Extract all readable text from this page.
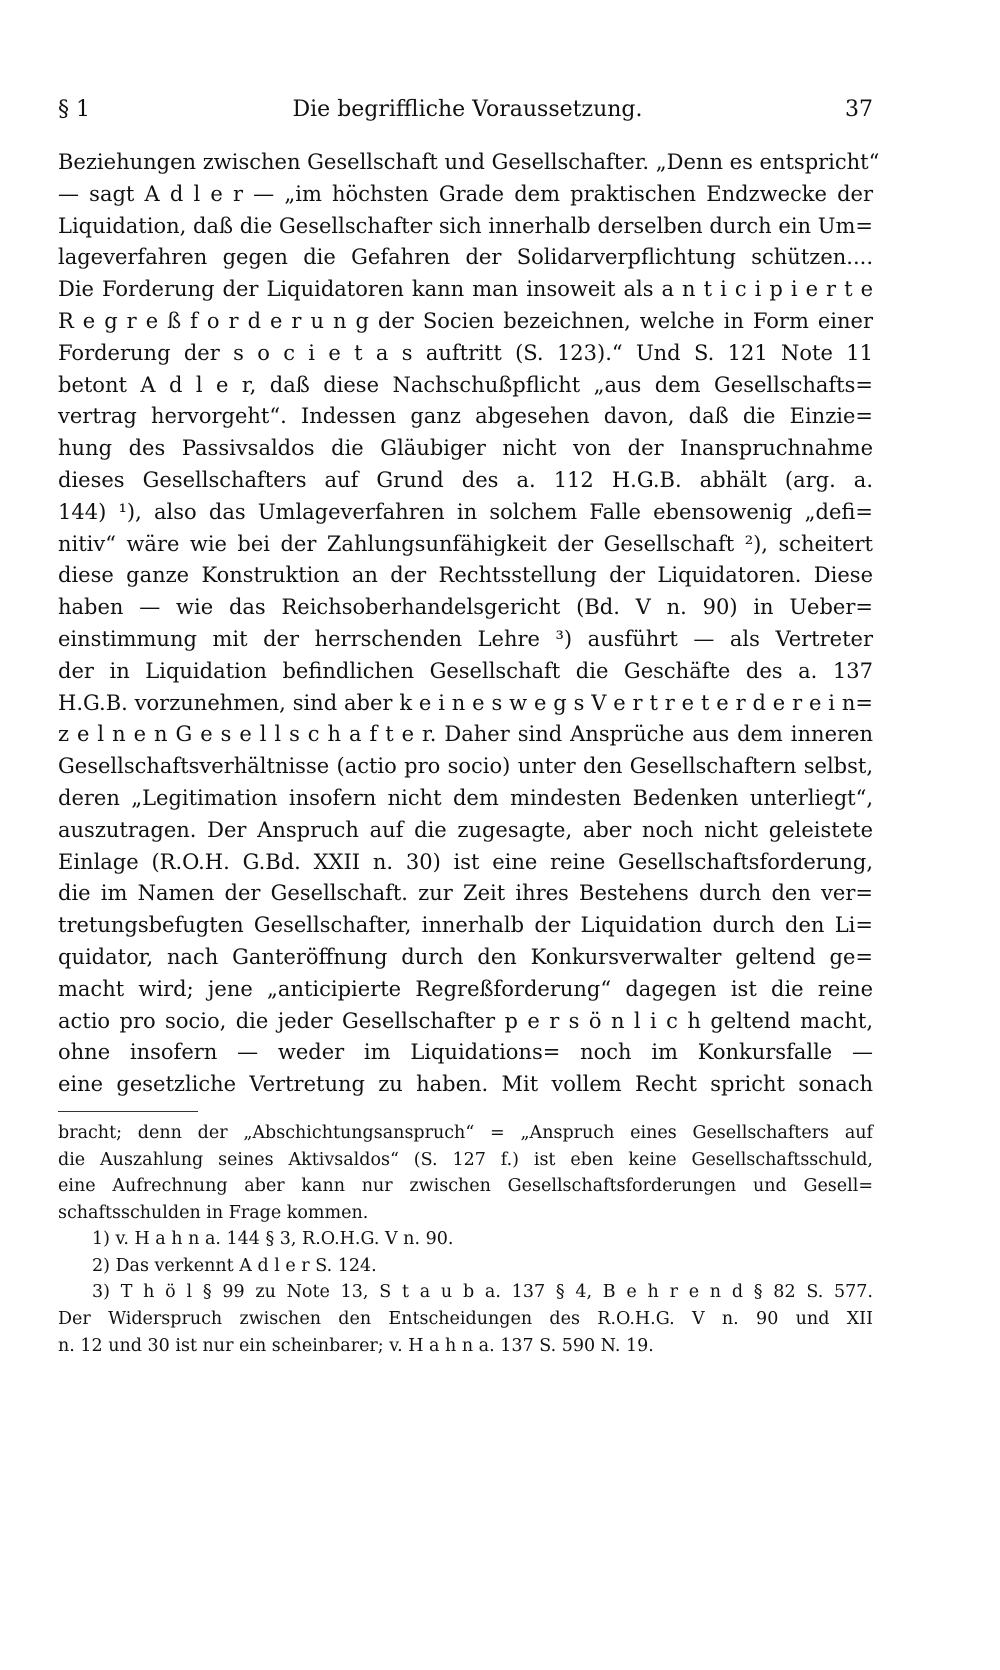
§ 1	Die begriffliche Voraussetzung.	37
Beziehungen zwischen Gesellschaft und Gesellschafter. „Denn es entspricht“
— sagt A d l e r — „im höchsten Grade dem praktischen Endzwecke der
Liquidation, daß die Gesellschafter sich innerhalb derselben durch ein Um=
lageverfahren gegen die Gefahren der Solidarverpflichtung schützen....
Die Forderung der Liquidatoren kann man insoweit als a n t i c i p i e r t e
R e g r e ß f o r d e r u n g der Socien bezeichnen, welche in Form einer
Forderung der s o c i e t a s auftritt (S. 123).“ Und S. 121 Note 11
betont A d l e r, daß diese Nachschußpflicht „aus dem Gesellschafts=
vertrag hervorgeht“. Indessen ganz abgesehen davon, daß die Einzie=
hung des Passivsaldos die Gläubiger nicht von der Inanspruchnahme
dieses Gesellschafters auf Grund des a. 112 H.G.B. abhält (arg. a.
144) ¹), also das Umlageverfahren in solchem Falle ebensowenig „defi=
nitiv“ wäre wie bei der Zahlungsunfähigkeit der Gesellschaft ²), scheitert
diese ganze Konstruktion an der Rechtsstellung der Liquidatoren. Diese
haben — wie das Reichsoberhandelsgericht (Bd. V n. 90) in Ueber=
einstimmung mit der herrschenden Lehre ³) ausführt — als Vertreter
der in Liquidation befindlichen Gesellschaft die Geschäfte des a. 137
H.G.B. vorzunehmen, sind aber k e i n e s w e g s V e r t r e t e r d e r e i n=
z e l n e n G e s e l l s c h a f t e r. Daher sind Ansprüche aus dem inneren
Gesellschaftsverhältnisse (actio pro socio) unter den Gesellschaftern selbst,
deren „Legitimation insofern nicht dem mindesten Bedenken unterliegt“,
auszutragen. Der Anspruch auf die zugesagte, aber noch nicht geleistete
Einlage (R.O.H. G.Bd. XXII n. 30) ist eine reine Gesellschaftsforderung,
die im Namen der Gesellschaft. zur Zeit ihres Bestehens durch den ver=
tretungsbefugten Gesellschafter, innerhalb der Liquidation durch den Li=
quidator, nach Ganteröffnung durch den Konkursverwalter geltend ge=
macht wird; jene „anticipierte Regreßforderung“ dagegen ist die reine
actio pro socio, die jeder Gesellschafter p e r s ö n l i c h geltend macht,
ohne insofern — weder im Liquidations= noch im Konkursfalle —
eine gesetzliche Vertretung zu haben. Mit vollem Recht spricht sonach
bracht; denn der „Abschichtungsanspruch“ = „Anspruch eines Gesellschafters auf
die Auszahlung seines Aktivsaldos“ (S. 127 f.) ist eben keine Gesellschaftsschuld,
eine Aufrechnung aber kann nur zwischen Gesellschaftsforderungen und Gesell=
schaftsschulden in Frage kommen.
1) v. H a h n a. 144 § 3, R.O.H.G. V n. 90.
2) Das verkennt A d l e r S. 124.
3) T h ö l § 99 zu Note 13, S t a u b a. 137 § 4, B e h r e n d § 82 S. 577.
Der Widerspruch zwischen den Entscheidungen des R.O.H.G. V n. 90 und XII
n. 12 und 30 ist nur ein scheinbarer; v. H a h n a. 137 S. 590 N. 19.
